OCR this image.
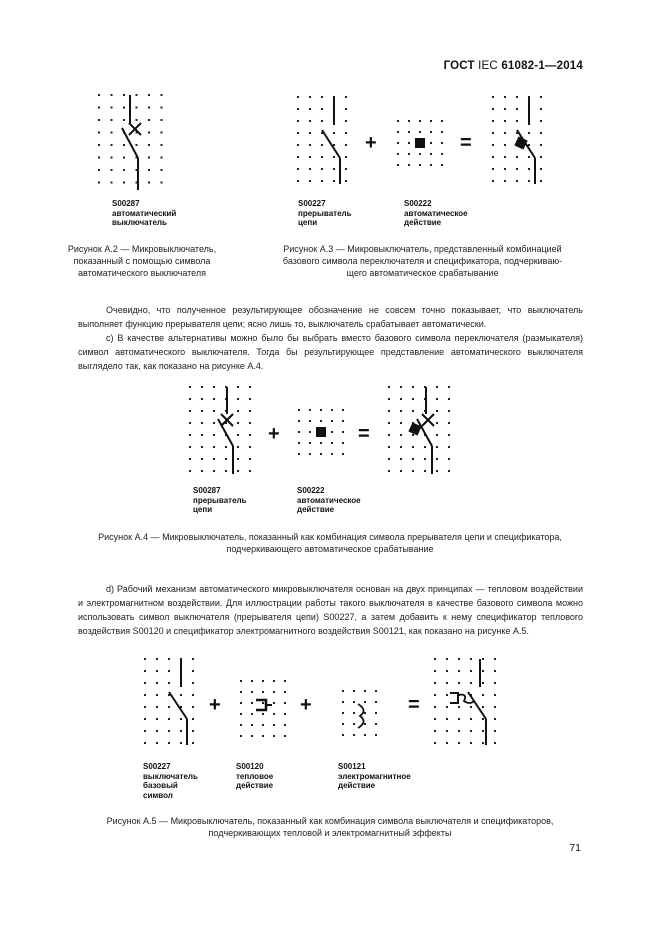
ГОСТ IEC 61082-1—2014
S00287
автоматический
выключатель
Рисунок A.2 — Микровыключатель,
показанный с помощью символа
автоматического выключателя
+	=
S00227
прерыватель
цепи
S00222
автоматическое
действие
Рисунок A.3 — Микровыключатель, представленный комбинацией
базового символа переключателя и спецификатора, подчеркиваю-
щего автоматическое срабатывание

Очевидно, что полученное результирующее обозначение не совсем точно показывает, что выключатель выполняет функцию прерывателя цепи; ясно лишь то, выключатель срабатывает автоматически.

с) В качестве альтернативы можно было бы выбрать вместо базового символа переключателя (размыкателя) символ автоматического выключателя. Тогда бы результирующее представление автоматического выключателя выглядело так, как показано на рисунке A.4.

+	=
S00287
прерыватель
цепи
S00222
автоматическое
действие
Рисунок A.4 — Микровыключатель, показанный как комбинация символа прерывателя цепи и спецификатора,
подчеркивающего автоматическое срабатывание

d) Рабочий механизм автоматического микровыключателя основан на двух принципах — тепловом воздействии и электромагнитном воздействии. Для иллюстрации работы такого выключателя в качестве базового символа можно использовать символ выключателя (прерывателя цепи) S00227, а затем добавить к нему спецификатор теплового воздействия S00120 и спецификатор электромагнитного воздействия S00121, как показано на рисунке A.5.

+	+	=
S00227
выключатель
базовый
символ
S00120
тепловое
действие
S00121
электромагнитное
действие
Рисунок A.5 — Микровыключатель, показанный как комбинация символа выключателя и спецификаторов,
подчеркивающих тепловой и электромагнитный эффекты
71
